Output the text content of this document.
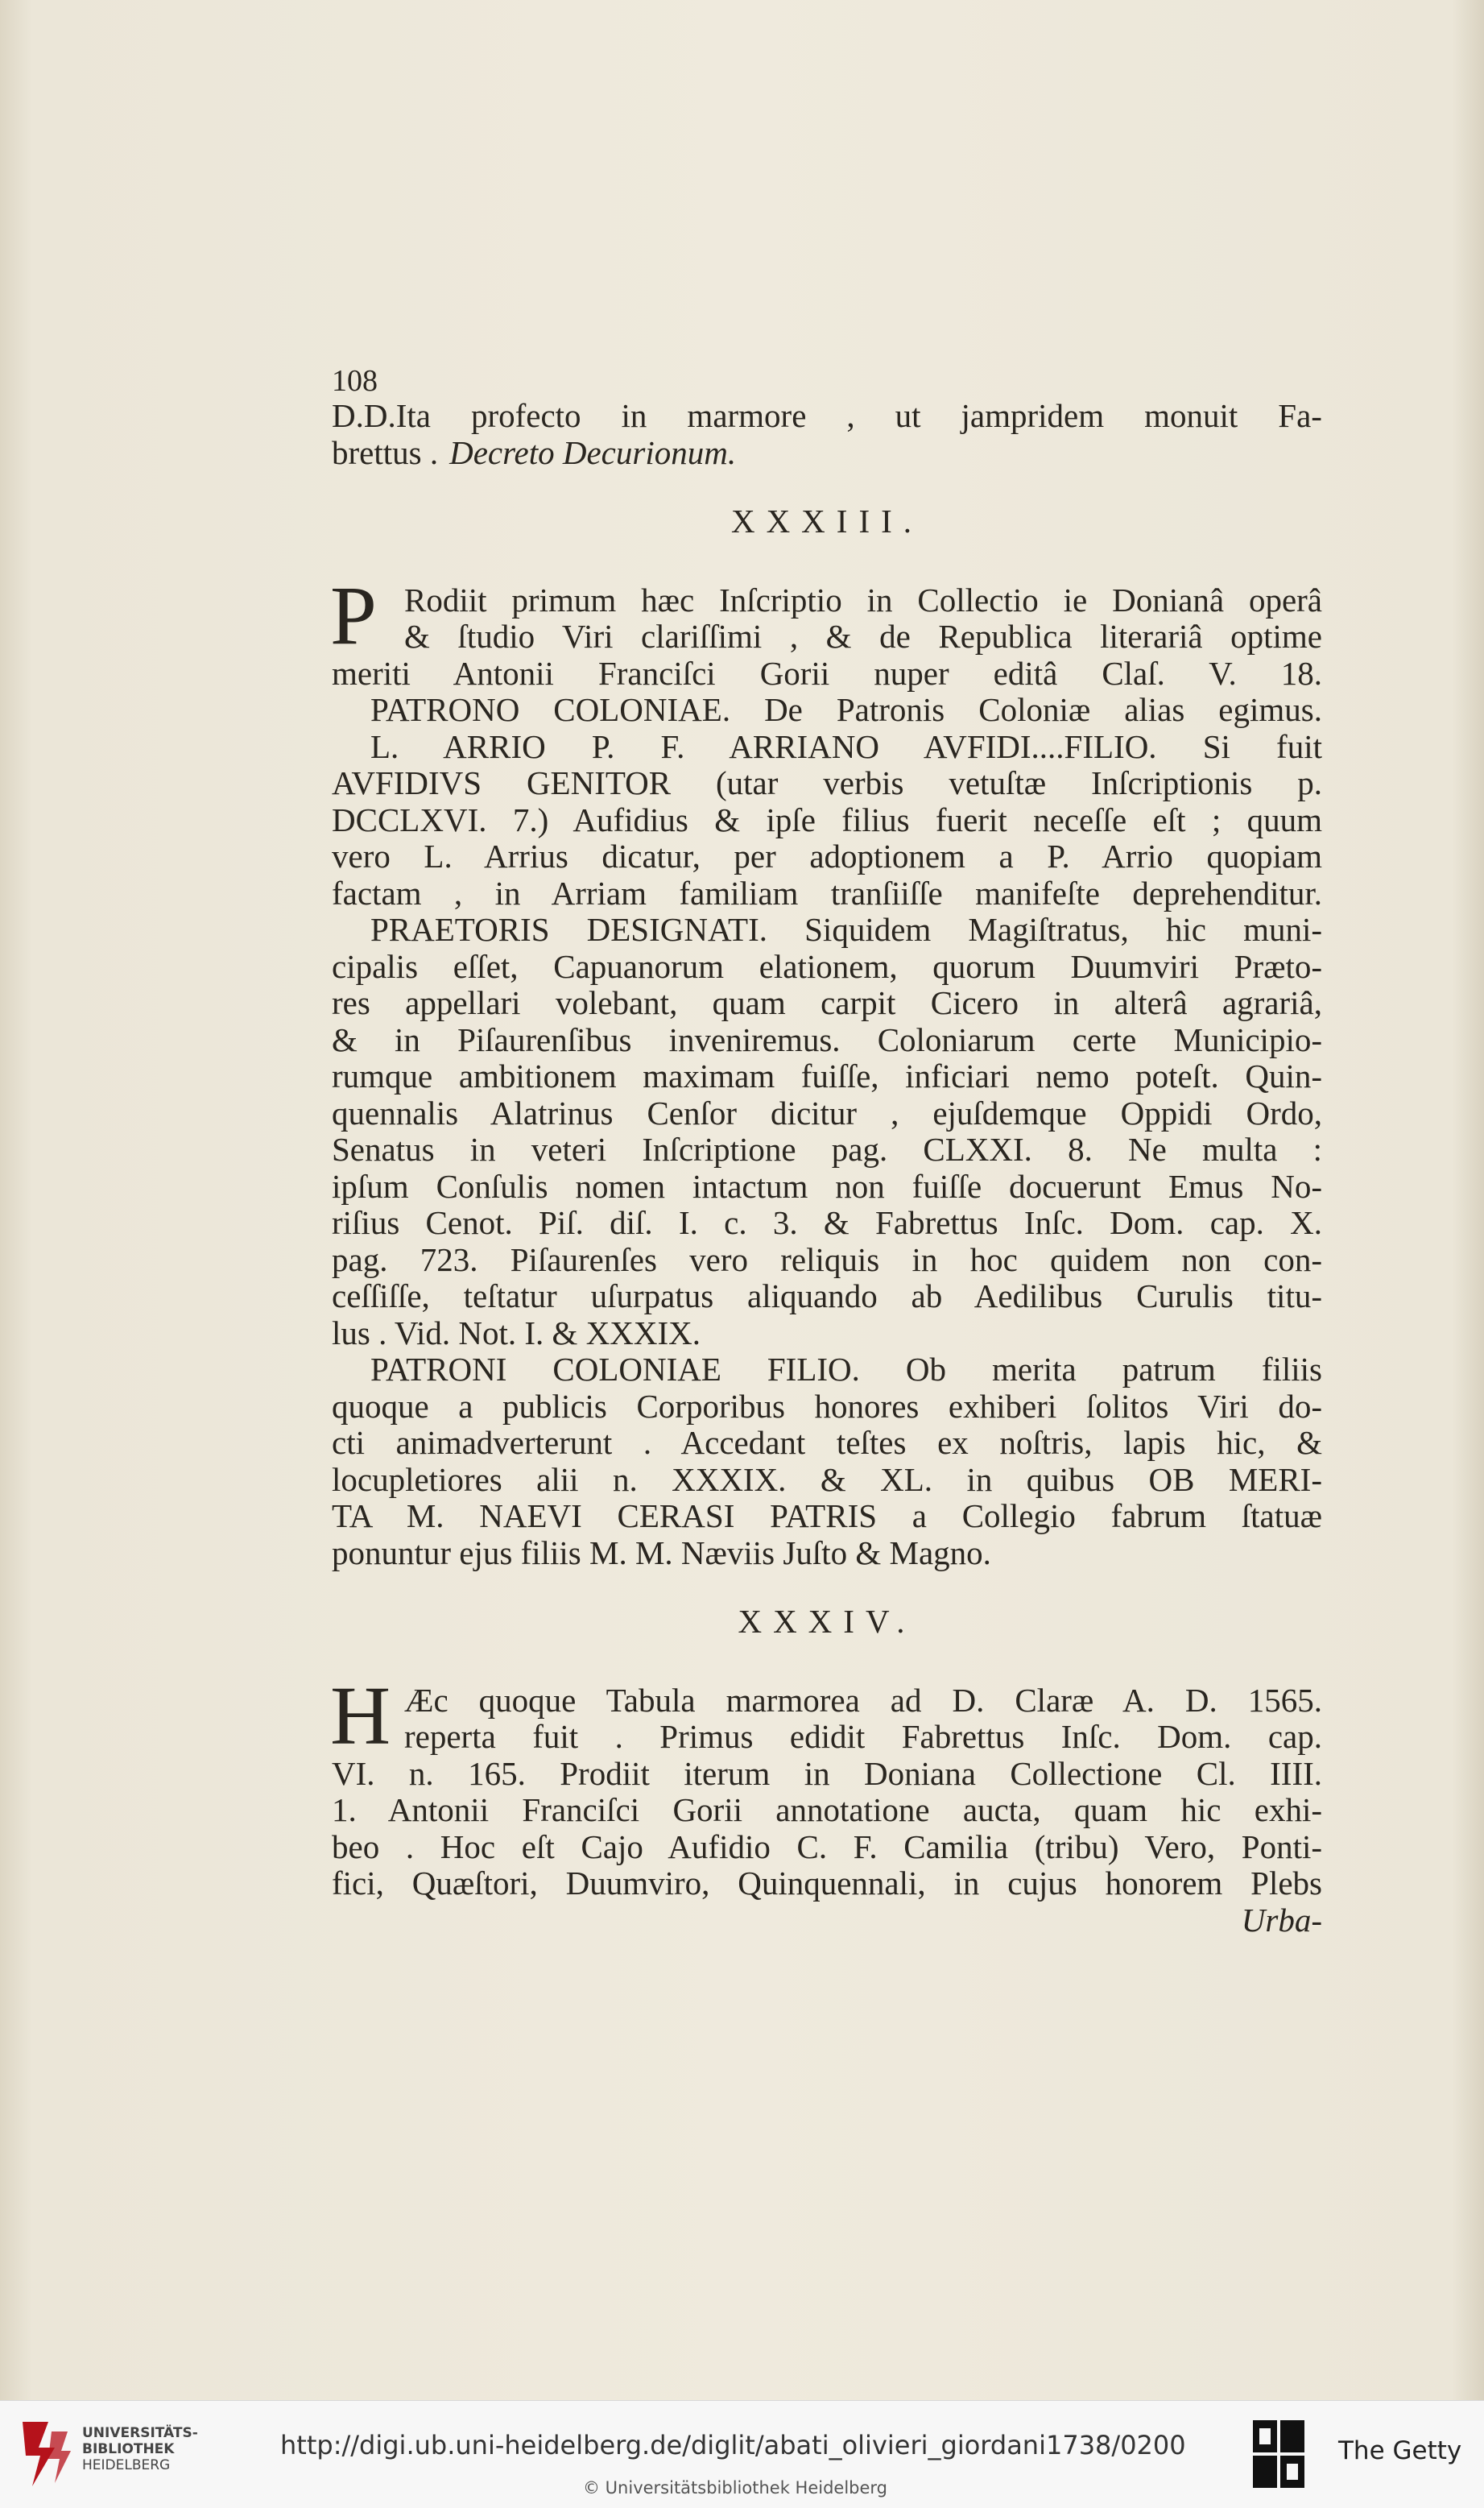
108
D.D.Ita profecto in marmore , ut jampridem monuit Fa-
brettus . Decreto Decurionum.
XXXIII.
P Rodiit primum hæc Inſcriptio in Collectio ie Donianâ operâ
& ſtudio Viri clariſſimi , & de Republica literariâ optime
meriti Antonii Franciſci Gorii nuper editâ Claſ. V. 18.
PATRONO COLONIAE. De Patronis Coloniæ alias egimus.
L. ARRIO P. F. ARRIANO AVFIDI....FILIO. Si fuit
AVFIDIVS GENITOR (utar verbis vetuſtæ Inſcriptionis p.
DCCLXVI. 7.) Aufidius & ipſe filius fuerit neceſſe eſt ; quum
vero L. Arrius dicatur, per adoptionem a P. Arrio quopiam
factam , in Arriam familiam tranſiiſſe manifeſte deprehenditur.
PRAETORIS DESIGNATI. Siquidem Magiſtratus, hic muni-
cipalis eſſet, Capuanorum elationem, quorum Duumviri Præto-
res appellari volebant, quam carpit Cicero in alterâ agrariâ,
& in Piſaurenſibus inveniremus. Coloniarum certe Municipio-
rumque ambitionem maximam fuiſſe, inficiari nemo poteſt. Quin-
quennalis Alatrinus Cenſor dicitur , ejuſdemque Oppidi Ordo,
Senatus in veteri Inſcriptione pag. CLXXI. 8. Ne multa :
ipſum Conſulis nomen intactum non fuiſſe docuerunt Emus No-
riſius Cenot. Piſ. diſ. I. c. 3. & Fabrettus Inſc. Dom. cap. X.
pag. 723. Piſaurenſes vero reliquis in hoc quidem non con-
ceſſiſſe, teſtatur uſurpatus aliquando ab Aedilibus Curulis titu-
lus . Vid. Not. I. & XXXIX.
PATRONI COLONIAE FILIO. Ob merita patrum filiis
quoque a publicis Corporibus honores exhiberi ſolitos Viri do-
cti animadverterunt . Accedant teſtes ex noſtris, lapis hic, &
locupletiores alii n. XXXIX. & XL. in quibus OB MERI-
TA M. NAEVI CERASI PATRIS a Collegio fabrum ſtatuæ
ponuntur ejus filiis M. M. Næviis Juſto & Magno.
XXXIV.
H Æc quoque Tabula marmorea ad D. Claræ A. D. 1565.
reperta fuit . Primus edidit Fabrettus Inſc. Dom. cap.
VI. n. 165. Prodiit iterum in Doniana Collectione Cl. IIII.
1. Antonii Franciſci Gorii annotatione aucta, quam hic exhi-
beo . Hoc eſt Cajo Aufidio C. F. Camilia (tribu) Vero, Ponti-
fici, Quæſtori, Duumviro, Quinquennali, in cujus honorem Plebs
Urba-
UNIVERSITÄTS-
BIBLIOTHEK
HEIDELBERG
http://digi.ub.uni-heidelberg.de/diglit/abati_olivieri_giordani1738/0200
© Universitätsbibliothek Heidelberg
The Getty
